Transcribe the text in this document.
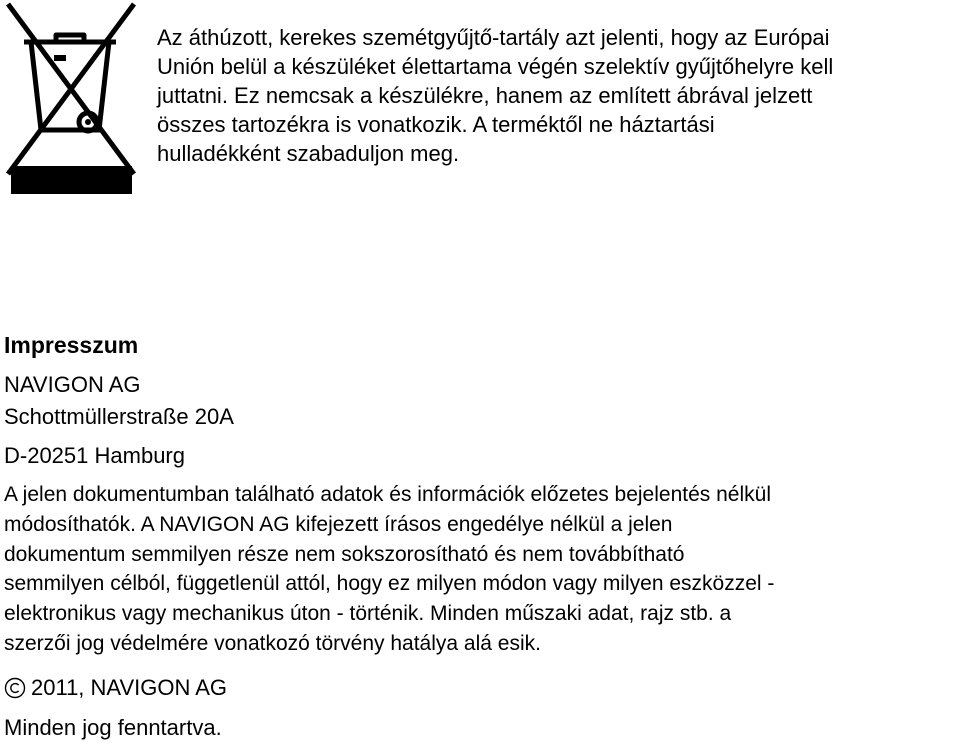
Az áthúzott, kerekes szemétgyűjtő-tartály azt jelenti, hogy az Európai
Unión belül a készüléket élettartama végén szelektív gyűjtőhelyre kell
juttatni. Ez nemcsak a készülékre, hanem az említett ábrával jelzett
összes tartozékra is vonatkozik. A terméktől ne háztartási
hulladékként szabaduljon meg.

Impresszum

NAVIGON AG

Schottmüllerstraße 20A

D-20251 Hamburg

A jelen dokumentumban található adatok és információk előzetes bejelentés nélkül
módosíthatók. A NAVIGON AG kifejezett írásos engedélye nélkül a jelen
dokumentum semmilyen része nem sokszorosítható és nem továbbítható
semmilyen célból, függetlenül attól, hogy ez milyen módon vagy milyen eszközzel -
elektronikus vagy mechanikus úton - történik. Minden műszaki adat, rajz stb. a
szerzői jog védelmére vonatkozó törvény hatálya alá esik.

2011, NAVIGON AG

Minden jog fenntartva.
